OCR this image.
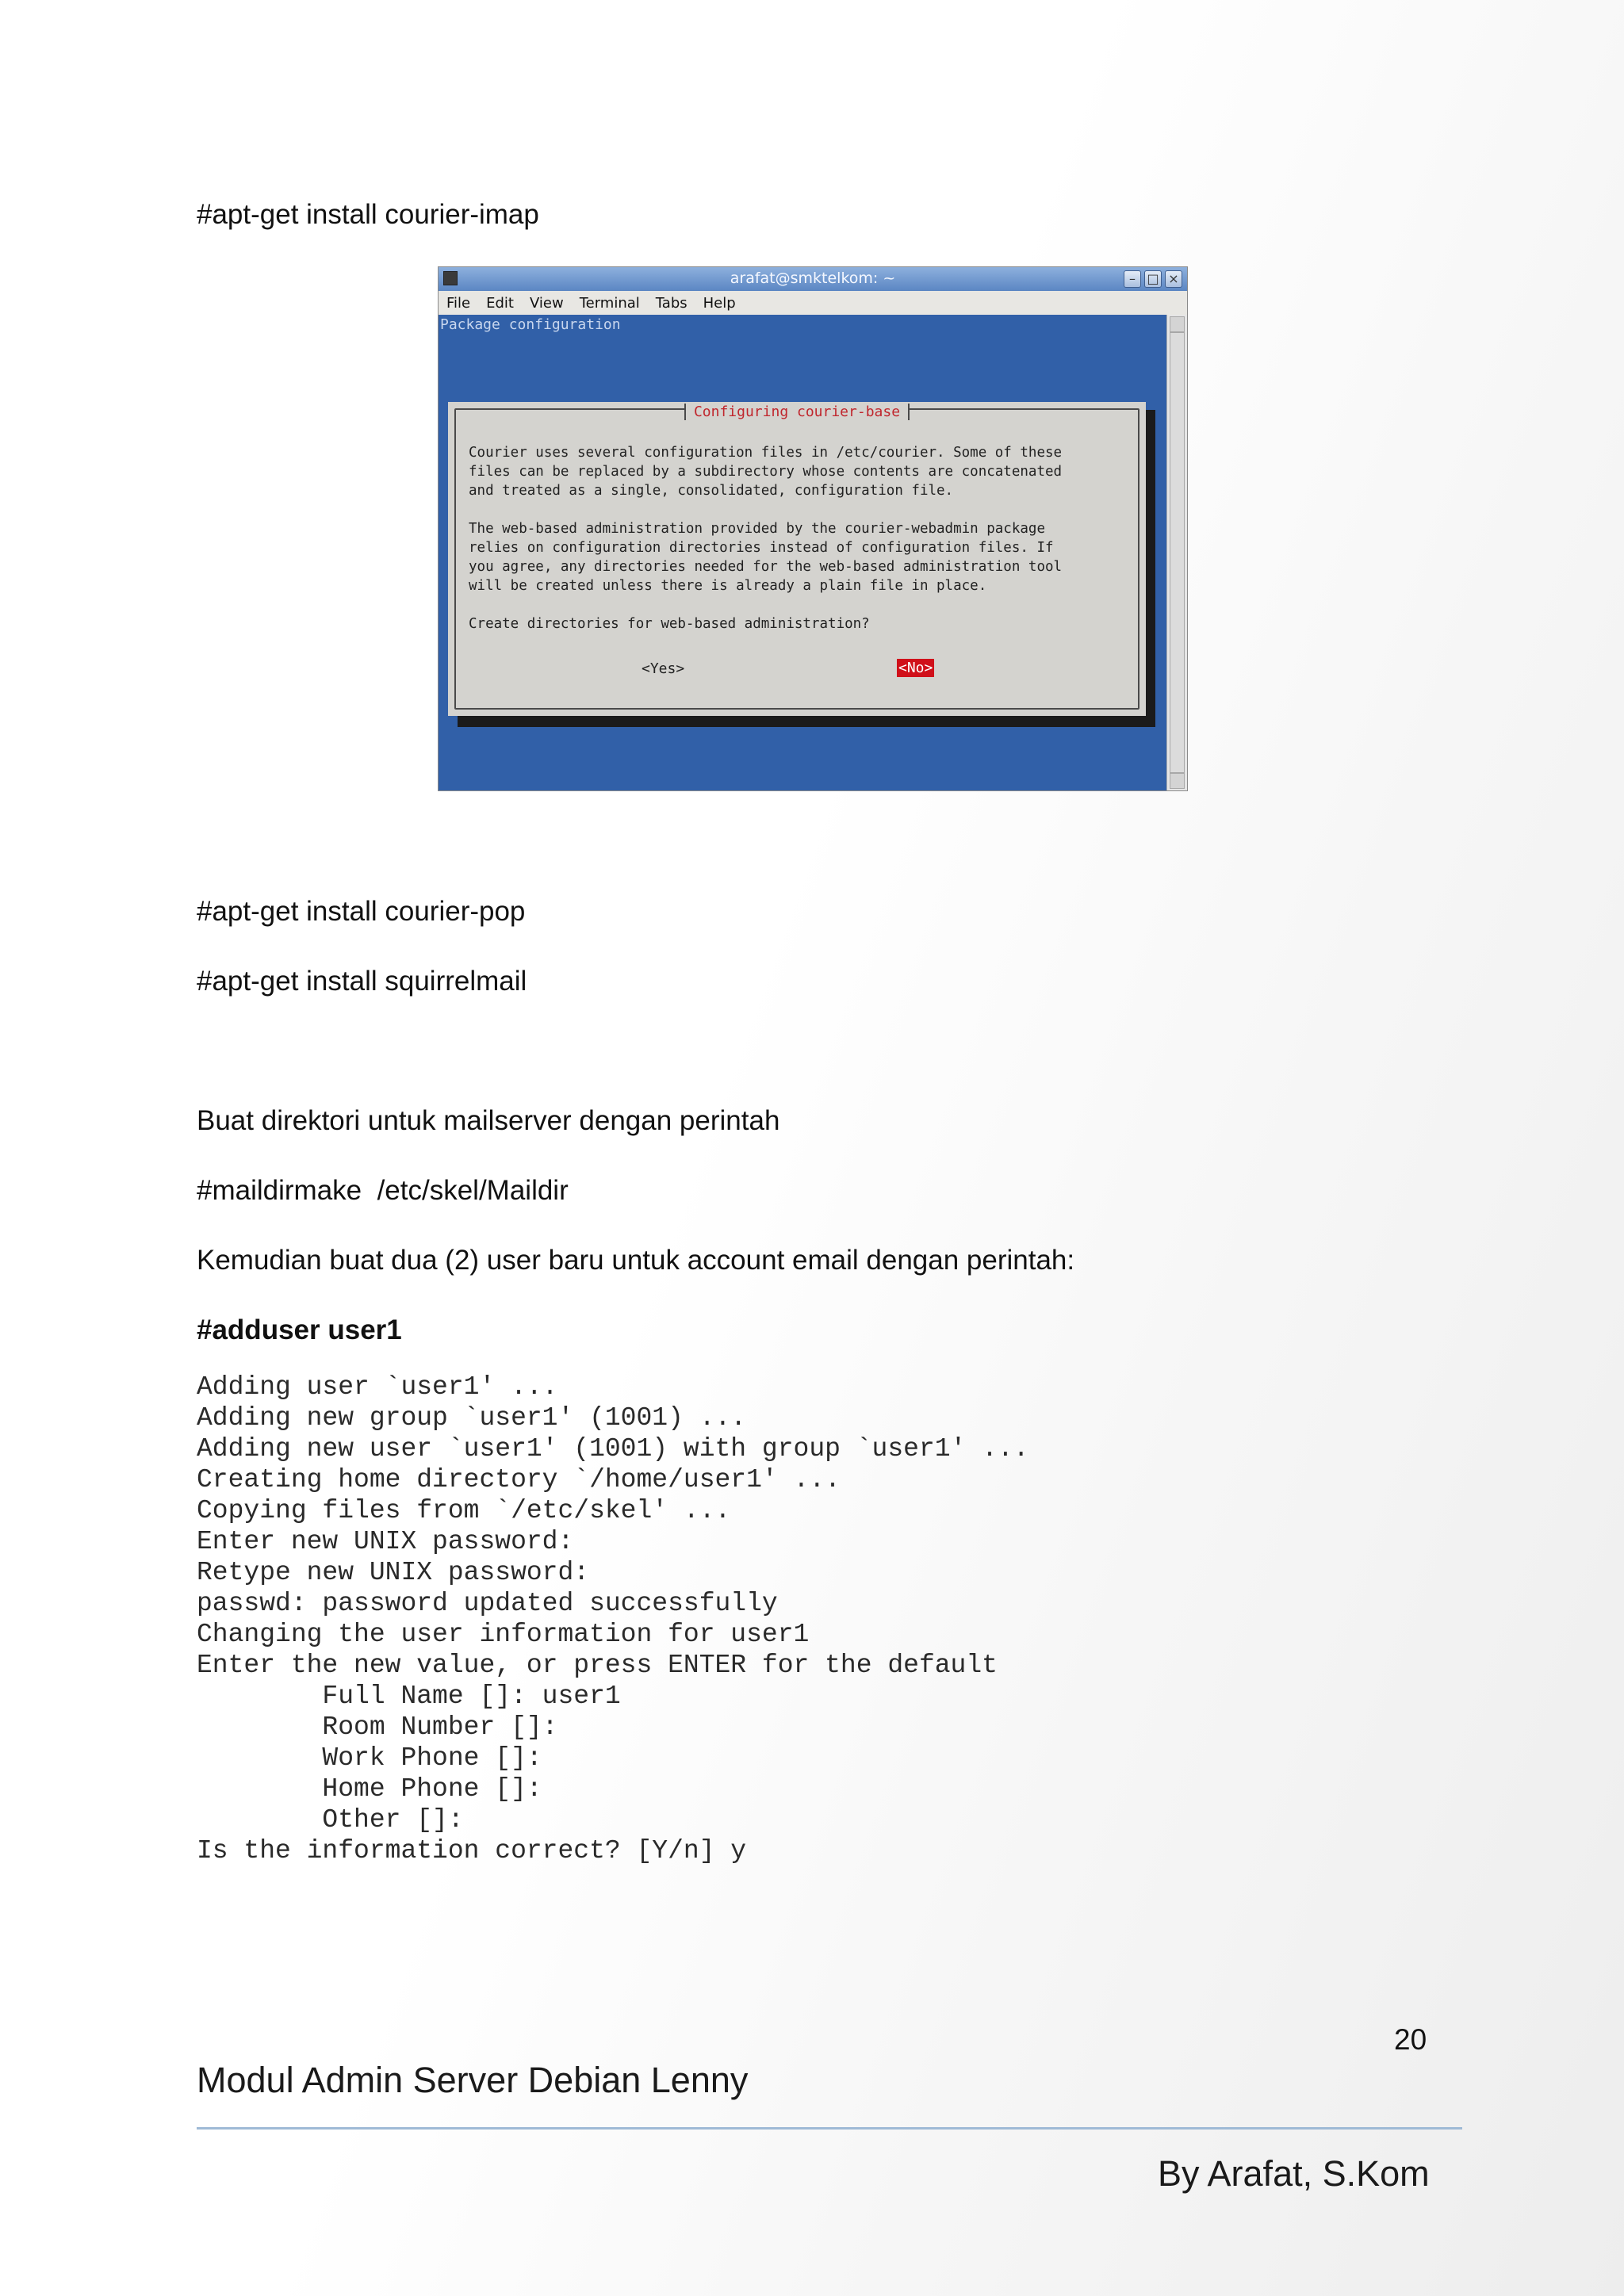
#apt-get install courier-imap
arafat@smktelkom: ~	– □ ×
File Edit View Terminal Tabs Help
Package configuration
Configuring courier-base
Courier uses several configuration files in /etc/courier. Some of these
files can be replaced by a subdirectory whose contents are concatenated
and treated as a single, consolidated, configuration file.

The web-based administration provided by the courier-webadmin package
relies on configuration directories instead of configuration files. If
you agree, any directories needed for the web-based administration tool
will be created unless there is already a plain file in place.

Create directories for web-based administration?
<Yes>	<No>
#apt-get install courier-pop
#apt-get install squirrelmail
Buat direktori untuk mailserver dengan perintah
#maildirmake  /etc/skel/Maildir
Kemudian buat dua (2) user baru untuk account email dengan perintah:
#adduser user1
Adding user `user1' ...
Adding new group `user1' (1001) ...
Adding new user `user1' (1001) with group `user1' ...
Creating home directory `/home/user1' ...
Copying files from `/etc/skel' ...
Enter new UNIX password:
Retype new UNIX password:
passwd: password updated successfully
Changing the user information for user1
Enter the new value, or press ENTER for the default
Full Name []: user1
Room Number []:
Work Phone []:
Home Phone []:
Other []:
Is the information correct? [Y/n] y
20
Modul Admin Server Debian Lenny
By Arafat, S.Kom
